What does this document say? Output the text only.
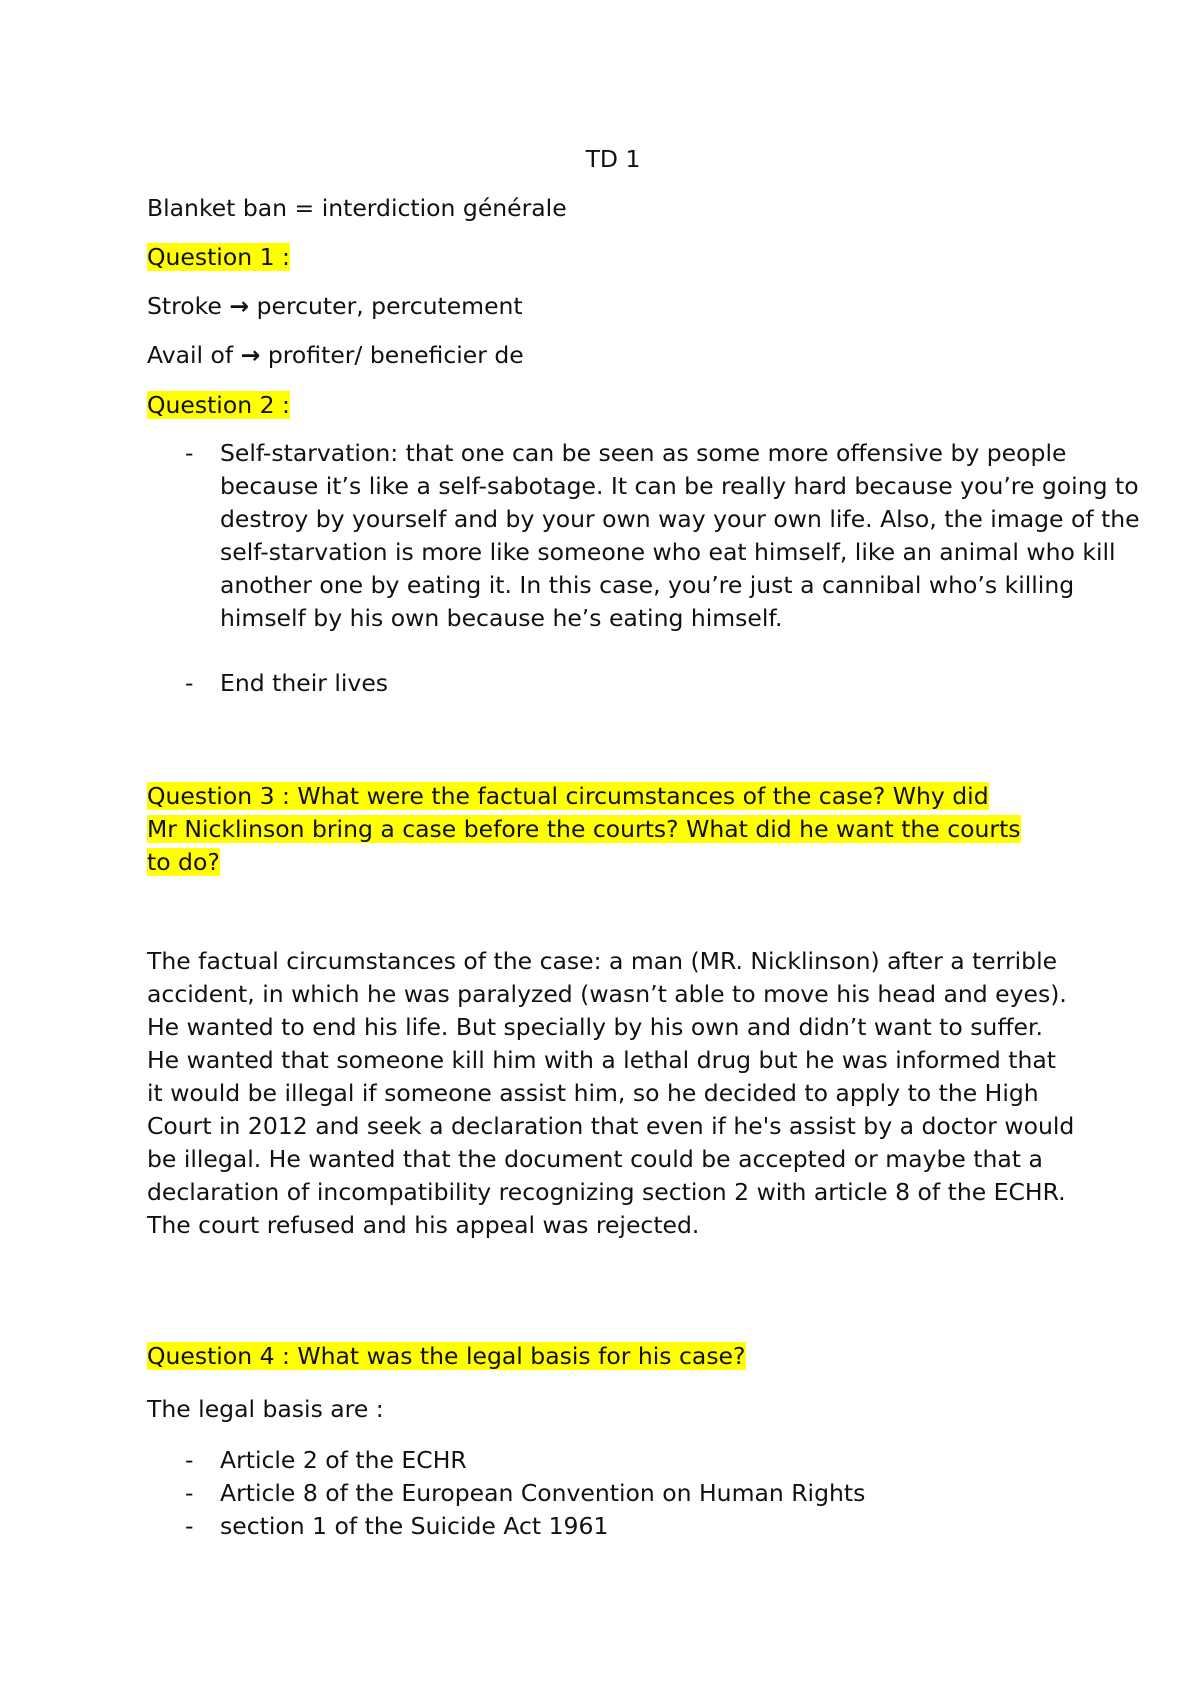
TD 1

Blanket ban = interdiction générale

Question 1 :

Stroke → percuter, percutement

Avail of → profiter/ beneficier de

Question 2 :

- Self-starvation: that one can be seen as some more offensive by people because it’s like a self-sabotage. It can be really hard because you’re going to destroy by yourself and by your own way your own life. Also, the image of the self-starvation is more like someone who eat himself, like an animal who kill another one by eating it. In this case, you’re just a cannibal who’s killing himself by his own because he’s eating himself.
- End their lives
Question 3 : What were the factual circumstances of the case? Why did
Mr Nicklinson bring a case before the courts? What did he want the courts
to do?

The factual circumstances of the case: a man (MR. Nicklinson) after a terrible accident, in which he was paralyzed (wasn’t able to move his head and eyes). He wanted to end his life. But specially by his own and didn’t want to suffer. He wanted that someone kill him with a lethal drug but he was informed that it would be illegal if someone assist him, so he decided to apply to the High Court in 2012 and seek a declaration that even if he's assist by a doctor would be illegal. He wanted that the document could be accepted or maybe that a declaration of incompatibility recognizing section 2 with article 8 of the ECHR. The court refused and his appeal was rejected.

Question 4 : What was the legal basis for his case?

The legal basis are :

- Article 2 of the ECHR
- Article 8 of the European Convention on Human Rights
- section 1 of the Suicide Act 1961
